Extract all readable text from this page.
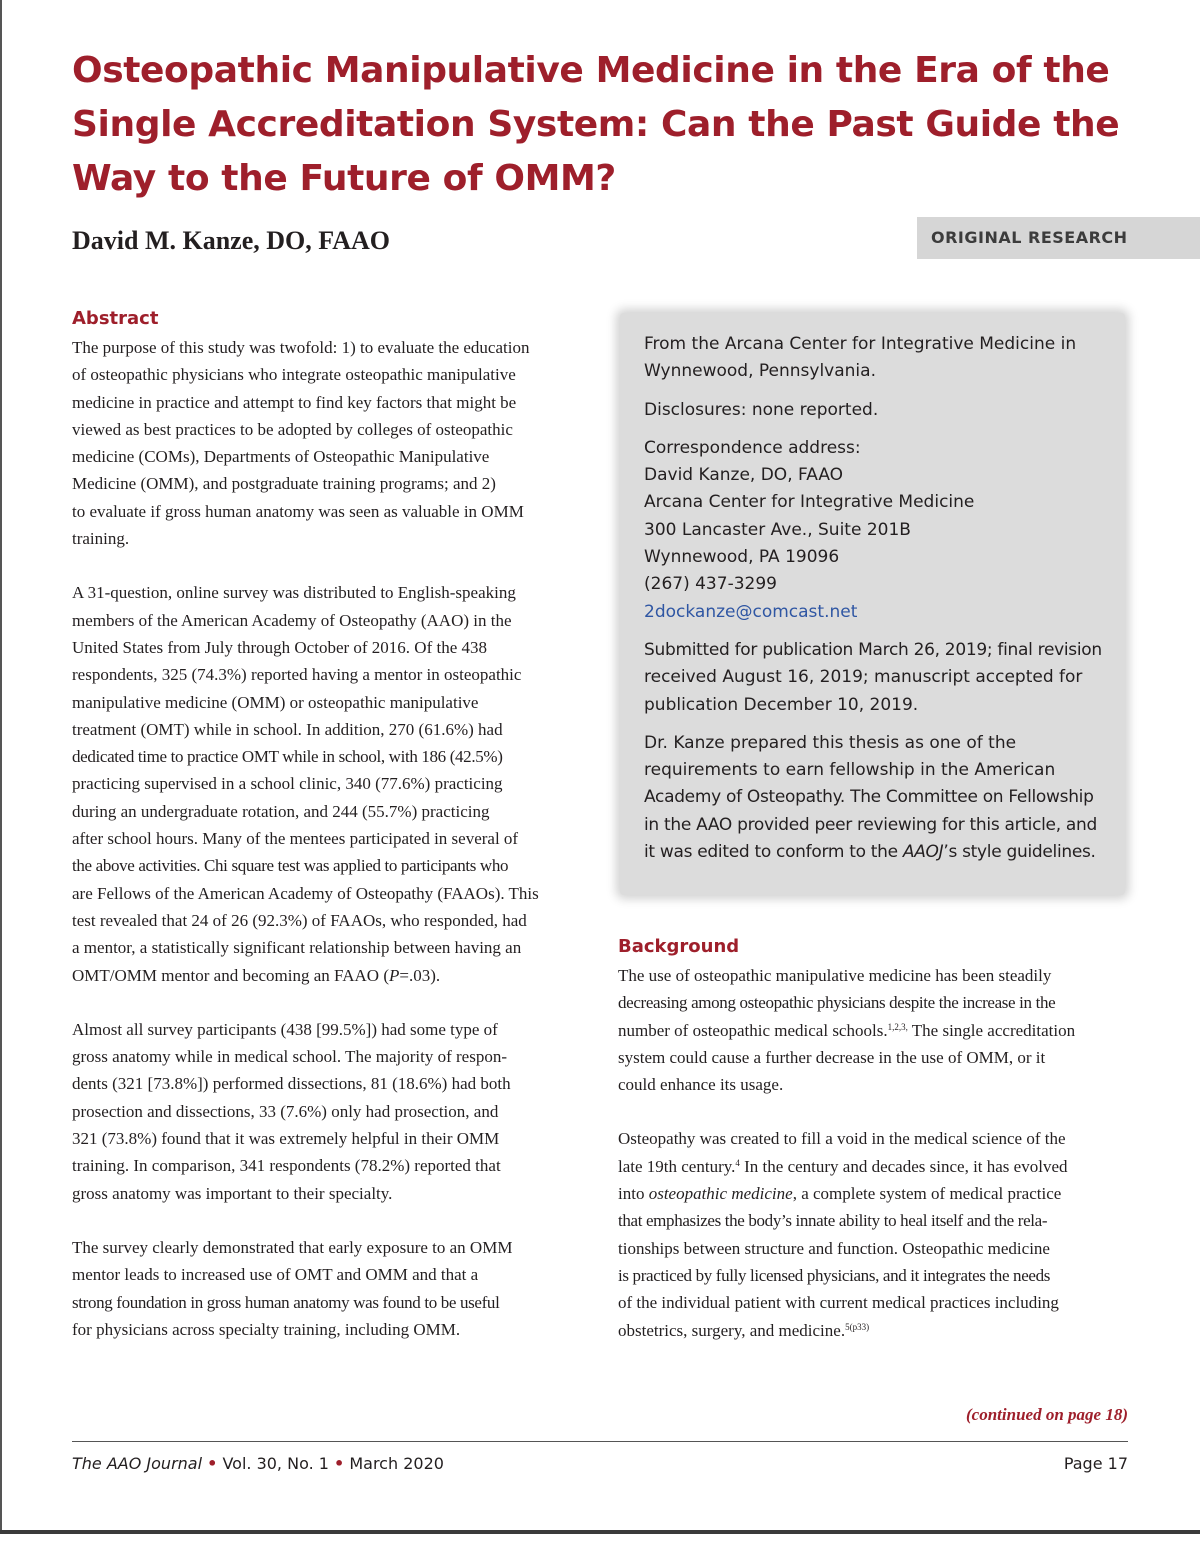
Osteopathic Manipulative Medicine in the Era of the
Single Accreditation System: Can the Past Guide the
Way to the Future of OMM?

David M. Kanze, DO, FAAO	ORIGINAL RESEARCH
Abstract

The purpose of this study was twofold: 1) to evaluate the education
of osteopathic physicians who integrate osteopathic manipulative
medicine in practice and attempt to find key factors that might be
viewed as best practices to be adopted by colleges of osteopathic
medicine (COMs), Departments of Osteopathic Manipulative
Medicine (OMM), and postgraduate training programs; and 2)
to evaluate if gross human anatomy was seen as valuable in OMM
training.

A 31-question, online survey was distributed to English-speaking
members of the American Academy of Osteopathy (AAO) in the
United States from July through October of 2016. Of the 438
respondents, 325 (74.3%) reported having a mentor in osteopathic
manipulative medicine (OMM) or osteopathic manipulative
treatment (OMT) while in school. In addition, 270 (61.6%) had
dedicated time to practice OMT while in school, with 186 (42.5%)
practicing supervised in a school clinic, 340 (77.6%) practicing
during an undergraduate rotation, and 244 (55.7%) practicing
after school hours. Many of the mentees participated in several of
the above activities. Chi square test was applied to participants who
are Fellows of the American Academy of Osteopathy (FAAOs). This
test revealed that 24 of 26 (92.3%) of FAAOs, who responded, had
a mentor, a statistically significant relationship between having an
OMT/OMM mentor and becoming an FAAO (P=.03).

Almost all survey participants (438 [99.5%]) had some type of
gross anatomy while in medical school. The majority of respon-
dents (321 [73.8%]) performed dissections, 81 (18.6%) had both
prosection and dissections, 33 (7.6%) only had prosection, and
321 (73.8%) found that it was extremely helpful in their OMM
training. In comparison, 341 respondents (78.2%) reported that
gross anatomy was important to their specialty.

The survey clearly demonstrated that early exposure to an OMM
mentor leads to increased use of OMT and OMM and that a
strong foundation in gross human anatomy was found to be useful
for physicians across specialty training, including OMM.

From the Arcana Center for Integrative Medicine in
Wynnewood, Pennsylvania.

Disclosures: none reported.

Correspondence address:
David Kanze, DO, FAAO
Arcana Center for Integrative Medicine
300 Lancaster Ave., Suite 201B
Wynnewood, PA 19096
(267) 437-3299
2dockanze@comcast.net

Submitted for publication March 26, 2019; final revision
received August 16, 2019; manuscript accepted for
publication December 10, 2019.

Dr. Kanze prepared this thesis as one of the
requirements to earn fellowship in the American
Academy of Osteopathy. The Committee on Fellowship
in the AAO provided peer reviewing for this article, and
it was edited to conform to the AAOJ’s style guidelines.

Background

The use of osteopathic manipulative medicine has been steadily
decreasing among osteopathic physicians despite the increase in the
number of osteopathic medical schools.$^{1,2,3,}$ The single accreditation
system could cause a further decrease in the use of OMM, or it
could enhance its usage.

Osteopathy was created to fill a void in the medical science of the
late 19th century.$^4$ In the century and decades since, it has evolved
into osteopathic medicine, a complete system of medical practice
that emphasizes the body’s innate ability to heal itself and the rela-
tionships between structure and function. Osteopathic medicine
is practiced by fully licensed physicians, and it integrates the needs
of the individual patient with current medical practices including
obstetrics, surgery, and medicine.$^{5(p33)}$

(continued on page 18)

The AAO Journal • Vol. 30, No. 1 • March 2020	Page 17
